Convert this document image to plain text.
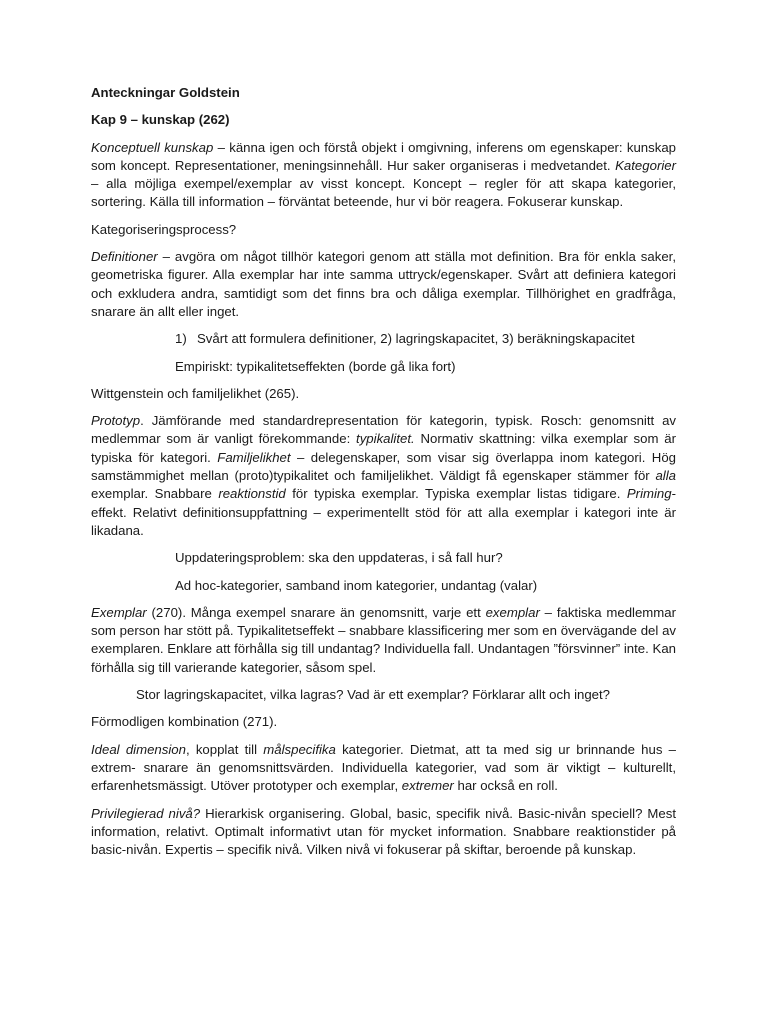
Anteckningar Goldstein

Kap 9 – kunskap (262)

Konceptuell kunskap – känna igen och förstå objekt i omgivning, inferens om egenskaper: kunskap som koncept. Representationer, meningsinnehåll. Hur saker organiseras i medvetandet. Kategorier – alla möjliga exempel/exemplar av visst koncept. Koncept – regler för att skapa kategorier, sortering. Källa till information – förväntat beteende, hur vi bör reagera. Fokuserar kunskap.

Kategoriseringsprocess?

Definitioner – avgöra om något tillhör kategori genom att ställa mot definition. Bra för enkla saker, geometriska figurer. Alla exemplar har inte samma uttryck/egenskaper. Svårt att definiera kategori och exkludera andra, samtidigt som det finns bra och dåliga exemplar. Tillhörighet en gradfråga, snarare än allt eller inget.

1) Svårt att formulera definitioner, 2) lagringskapacitet, 3) beräkningskapacitet

Empiriskt: typikalitetseffekten (borde gå lika fort)

Wittgenstein och familjelikhet (265).

Prototyp. Jämförande med standardrepresentation för kategorin, typisk. Rosch: genomsnitt av medlemmar som är vanligt förekommande: typikalitet. Normativ skattning: vilka exemplar som är typiska för kategori. Familjelikhet – delegenskaper, som visar sig överlappa inom kategori. Hög samstämmighet mellan (proto)typikalitet och familjelikhet. Väldigt få egenskaper stämmer för alla exemplar. Snabbare reaktionstid för typiska exemplar. Typiska exemplar listas tidigare. Priming-effekt. Relativt definitionsuppfattning – experimentellt stöd för att alla exemplar i kategori inte är likadana.

Uppdateringsproblem: ska den uppdateras, i så fall hur?

Ad hoc-kategorier, samband inom kategorier, undantag (valar)

Exemplar (270). Många exempel snarare än genomsnitt, varje ett exemplar – faktiska medlemmar som person har stött på. Typikalitetseffekt – snabbare klassificering mer som en övervägande del av exemplaren. Enklare att förhålla sig till undantag? Individuella fall. Undantagen ”försvinner” inte. Kan förhålla sig till varierande kategorier, såsom spel.

Stor lagringskapacitet, vilka lagras? Vad är ett exemplar? Förklarar allt och inget?

Förmodligen kombination (271).

Ideal dimension, kopplat till målspecifika kategorier. Dietmat, att ta med sig ur brinnande hus – extrem- snarare än genomsnittsvärden. Individuella kategorier, vad som är viktigt – kulturellt, erfarenhetsmässigt. Utöver prototyper och exemplar, extremer har också en roll.

Privilegierad nivå? Hierarkisk organisering. Global, basic, specifik nivå. Basic-nivån speciell? Mest information, relativt. Optimalt informativt utan för mycket information. Snabbare reaktionstider på basic-nivån. Expertis – specifik nivå. Vilken nivå vi fokuserar på skiftar, beroende på kunskap.
